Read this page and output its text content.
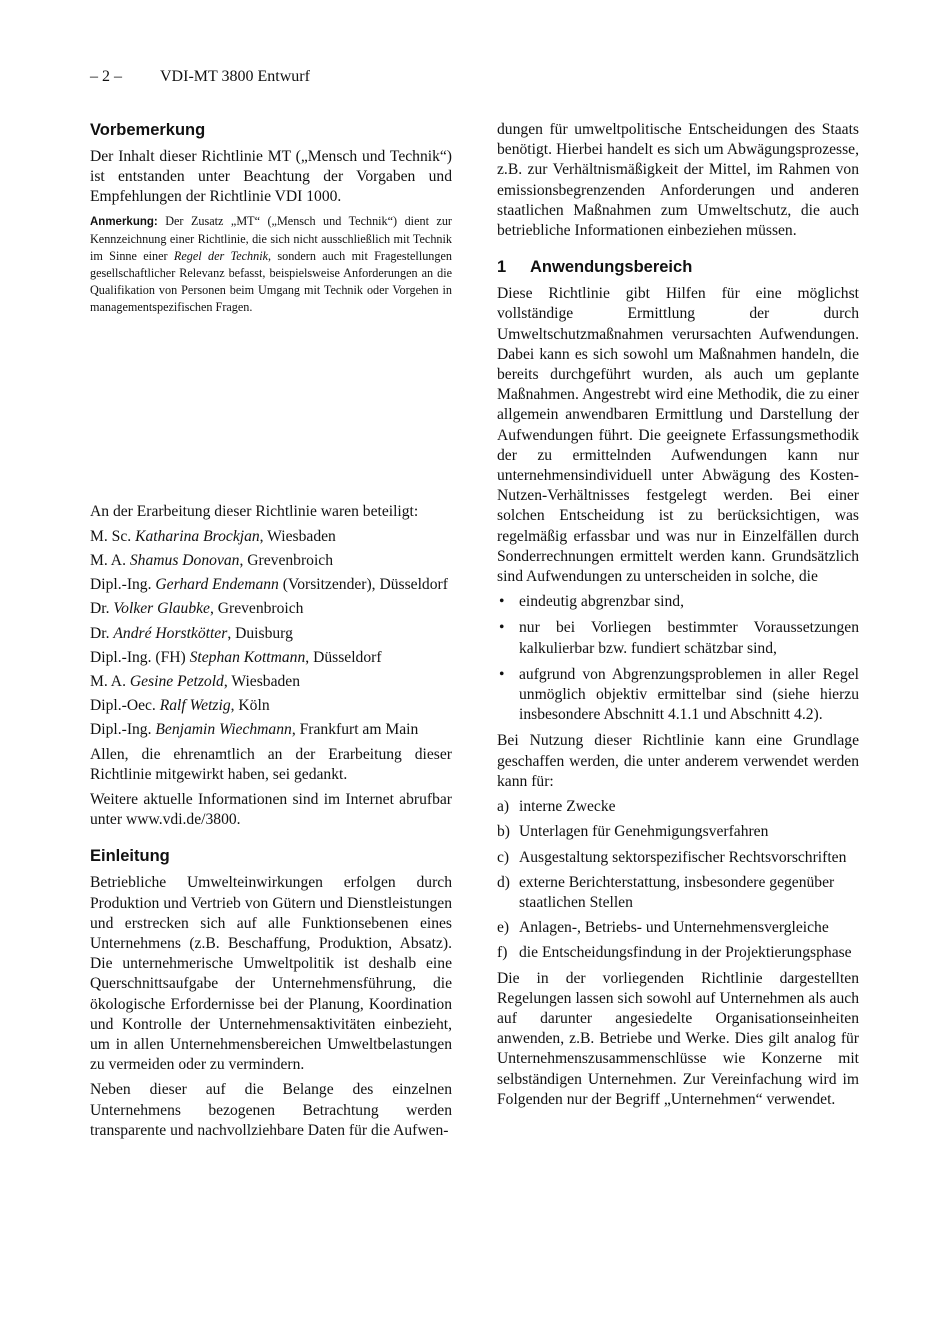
– 2 – VDI-MT 3800 Entwurf
Vorbemerkung

Der Inhalt dieser Richtlinie MT („Mensch und Technik“) ist entstanden unter Beachtung der Vorgaben und Empfehlungen der Richtlinie VDI 1000.

Anmerkung: Der Zusatz „MT“ („Mensch und Technik“) dient zur Kennzeichnung einer Richtlinie, die sich nicht ausschließlich mit Technik im Sinne einer Regel der Technik, sondern auch mit Fragestellungen gesellschaftlicher Relevanz befasst, beispielsweise Anforderungen an die Qualifikation von Personen beim Umgang mit Technik oder Vorgehen in managementspezifischen Fragen.

An der Erarbeitung dieser Richtlinie waren beteiligt:

M. Sc. Katharina Brockjan, Wiesbaden

M. A. Shamus Donovan, Grevenbroich

Dipl.-Ing. Gerhard Endemann (Vorsitzender), Düsseldorf

Dr. Volker Glaubke, Grevenbroich

Dr. André Horstkötter, Duisburg

Dipl.-Ing. (FH) Stephan Kottmann, Düsseldorf

M. A. Gesine Petzold, Wiesbaden

Dipl.-Oec. Ralf Wetzig, Köln

Dipl.-Ing. Benjamin Wiechmann, Frankfurt am Main

Allen, die ehrenamtlich an der Erarbeitung dieser Richtlinie mitgewirkt haben, sei gedankt.

Weitere aktuelle Informationen sind im Internet abrufbar unter www.vdi.de/3800.

Einleitung

Betriebliche Umwelteinwirkungen erfolgen durch Produktion und Vertrieb von Gütern und Dienstleistungen und erstrecken sich auf alle Funktionsebenen eines Unternehmens (z.B. Beschaffung, Produktion, Absatz). Die unternehmerische Umweltpolitik ist deshalb eine Querschnittsaufgabe der Unternehmensführung, die ökologische Erfordernisse bei der Planung, Koordination und Kontrolle der Unternehmensaktivitäten einbezieht, um in allen Unternehmensbereichen Umweltbelastungen zu vermeiden oder zu vermindern.

Neben dieser auf die Belange des einzelnen Unternehmens bezogenen Betrachtung werden transparente und nachvollziehbare Daten für die Aufwen-

dungen für umweltpolitische Entscheidungen des Staats benötigt. Hierbei handelt es sich um Abwägungsprozesse, z.B. zur Verhältnismäßigkeit der Mittel, im Rahmen von emissionsbegrenzenden Anforderungen und anderen staatlichen Maßnahmen zum Umweltschutz, die auch betriebliche Informationen einbeziehen müssen.

1 Anwendungsbereich

Diese Richtlinie gibt Hilfen für eine möglichst vollständige Ermittlung der durch Umweltschutzmaßnahmen verursachten Aufwendungen. Dabei kann es sich sowohl um Maßnahmen handeln, die bereits durchgeführt wurden, als auch um geplante Maßnahmen. Angestrebt wird eine Methodik, die zu einer allgemein anwendbaren Ermittlung und Darstellung der Aufwendungen führt. Die geeignete Erfassungsmethodik der zu ermittelnden Aufwendungen kann nur unternehmensindividuell unter Abwägung des Kosten-Nutzen-Verhältnisses festgelegt werden. Bei einer solchen Entscheidung ist zu berücksichtigen, was regelmäßig erfassbar und was nur in Einzelfällen durch Sonderrechnungen ermittelt werden kann. Grundsätzlich sind Aufwendungen zu unterscheiden in solche, die

• eindeutig abgrenzbar sind,
• nur bei Vorliegen bestimmter Voraussetzungen kalkulierbar bzw. fundiert schätzbar sind,
• aufgrund von Abgrenzungsproblemen in aller Regel unmöglich objektiv ermittelbar sind (siehe hierzu insbesondere Abschnitt 4.1.1 und Abschnitt 4.2).

Bei Nutzung dieser Richtlinie kann eine Grundlage geschaffen werden, die unter anderem verwendet werden kann für:

a) interne Zwecke
b) Unterlagen für Genehmigungsverfahren
c) Ausgestaltung sektorspezifischer Rechtsvorschriften
d) externe Berichterstattung, insbesondere gegenüber staatlichen Stellen
e) Anlagen-, Betriebs- und Unternehmensvergleiche
f) die Entscheidungsfindung in der Projektierungsphase

Die in der vorliegenden Richtlinie dargestellten Regelungen lassen sich sowohl auf Unternehmen als auch auf darunter angesiedelte Organisationseinheiten anwenden, z.B. Betriebe und Werke. Dies gilt analog für Unternehmenszusammenschlüsse wie Konzerne mit selbständigen Unternehmen. Zur Vereinfachung wird im Folgenden nur der Begriff „Unternehmen“ verwendet.
